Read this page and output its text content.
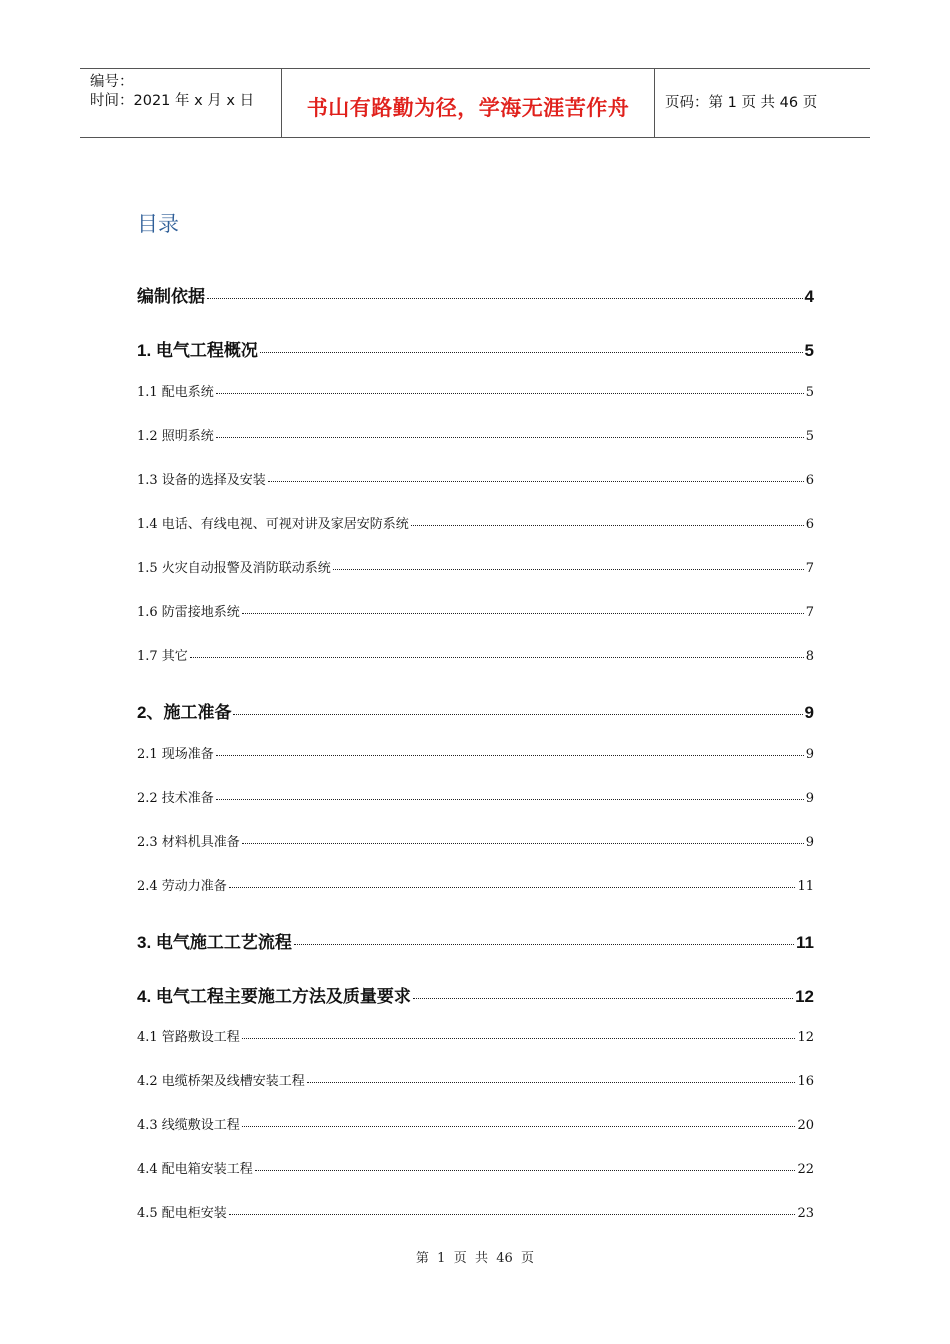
编号：
时间：2021 年 x 月 x 日	书山有路勤为径，学海无涯苦作舟	页码：第 1 页 共 46 页
目录
编制依据	4
1. 电气工程概况	5
1.1 配电系统	5
1.2 照明系统	5
1.3 设备的选择及安装	6
1.4 电话、有线电视、可视对讲及家居安防系统	6
1.5 火灾自动报警及消防联动系统	7
1.6 防雷接地系统	7
1.7 其它	8
2、施工准备	9
2.1 现场准备	9
2.2 技术准备	9
2.3 材料机具准备	9
2.4 劳动力准备	11
3. 电气施工工艺流程	11
4. 电气工程主要施工方法及质量要求	12
4.1 管路敷设工程	12
4.2 电缆桥架及线槽安装工程	16
4.3 线缆敷设工程	20
4.4 配电箱安装工程	22
4.5 配电柜安装	23
第  1  页  共  46  页
